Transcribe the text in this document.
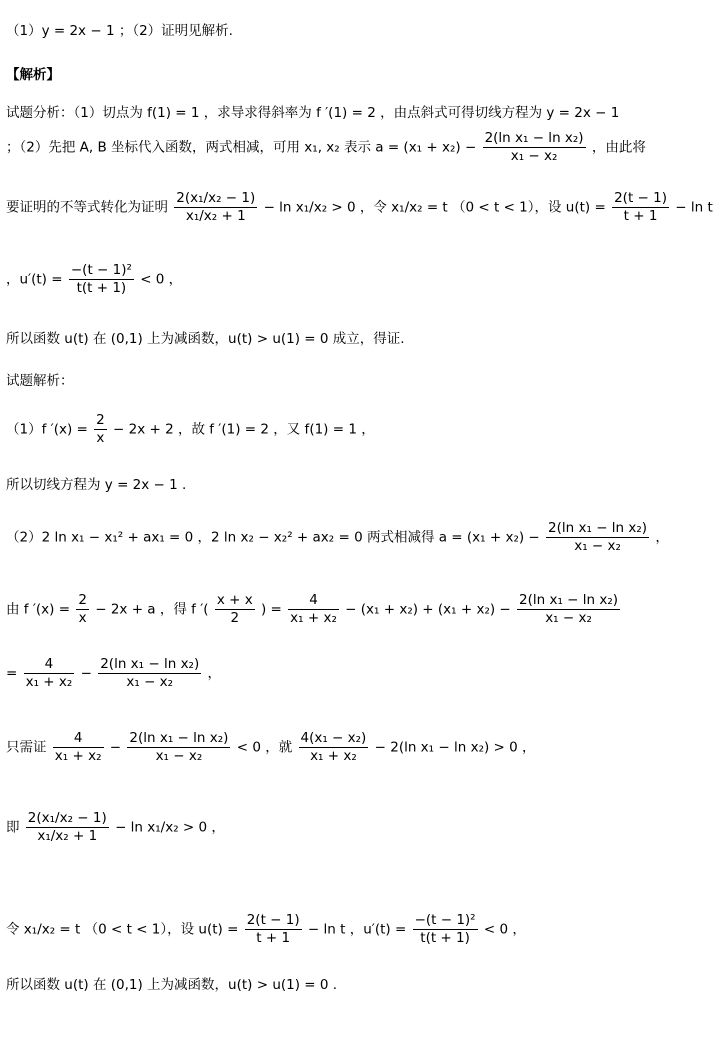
（1）y = 2x − 1 ；（2）证明见解析.
【解析】
试题分析：（1）切点为 f(1) = 1 ，求导求得斜率为 f ′(1) = 2 ，由点斜式可得切线方程为 y = 2x − 1
；（2）先把 A, B 坐标代入函数，两式相减，可用 x₁, x₂ 表示 $a = (x_1 + x_2) - \frac{\text{2(ln x₁ − ln x₂)}}{\text{x₁ − x₂}}$ ，由此将
要证明的不等式转化为证明 $\frac{\text{2(x₁/x₂ − 1)}}{\text{x₁/x₂ + 1}} - \ln x_1/x_2 > 0$ ，令 x₁/x₂ = t （0 < t < 1），设 $u(t) = \frac{2(t - 1)}{t + 1} - \ln t$
，$u'(t) = \frac{\text{−(t − 1)²}}{t(t + 1)} < 0$ ，
所以函数 u(t) 在 (0,1) 上为减函数，u(t) > u(1) = 0 成立，得证.
试题解析：
（1）f $'(x) = \frac{2}{x} - 2x + 2$ ，故 f ′(1) = 2 ，又 f(1) = 1 ，
所以切线方程为 y = 2x − 1 .
（2）2 ln x₁ − x₁² + ax₁ = 0 ，2 ln x₂ − x₂² + ax₂ = 0 两式相减得 $a = (x_1 + x_2) - \frac{\text{2(ln x₁ − ln x₂)}}{\text{x₁ − x₂}}$ ，
由 f $'(x) = \frac{2}{x} - 2x + a$ ，得 f ′( $\frac{x + x}{2}$ ) = $\frac{4}{\text{x₁ + x₂}} - (x_1 + x_2) + (x_1 + x_2) - \frac{\text{2(ln x₁ − ln x₂)}}{\text{x₁ − x₂}}$
= $\frac{4}{\text{x₁ + x₂}} - \frac{\text{2(ln x₁ − ln x₂)}}{\text{x₁ − x₂}}$ ，
只需证 $\frac{4}{\text{x₁ + x₂}} - \frac{\text{2(ln x₁ − ln x₂)}}{\text{x₁ − x₂}} < 0$ ，就 $\frac{\text{4(x₁ − x₂)}}{\text{x₁ + x₂}} - 2(\ln$ x₁ − ln x₂) > 0 ，
即 $\frac{\text{2(x₁/x₂ − 1)}}{\text{x₁/x₂ + 1}} - \ln x_1/x_2 > 0$ ，
令 x₁/x₂ = t （0 < t < 1），设 $u(t) = \frac{2(t - 1)}{t + 1} - \ln t$ ，$u'(t) = \frac{\text{−(t − 1)²}}{t(t + 1)} < 0$ ，
所以函数 u(t) 在 (0,1) 上为减函数，u(t) > u(1) = 0 .
